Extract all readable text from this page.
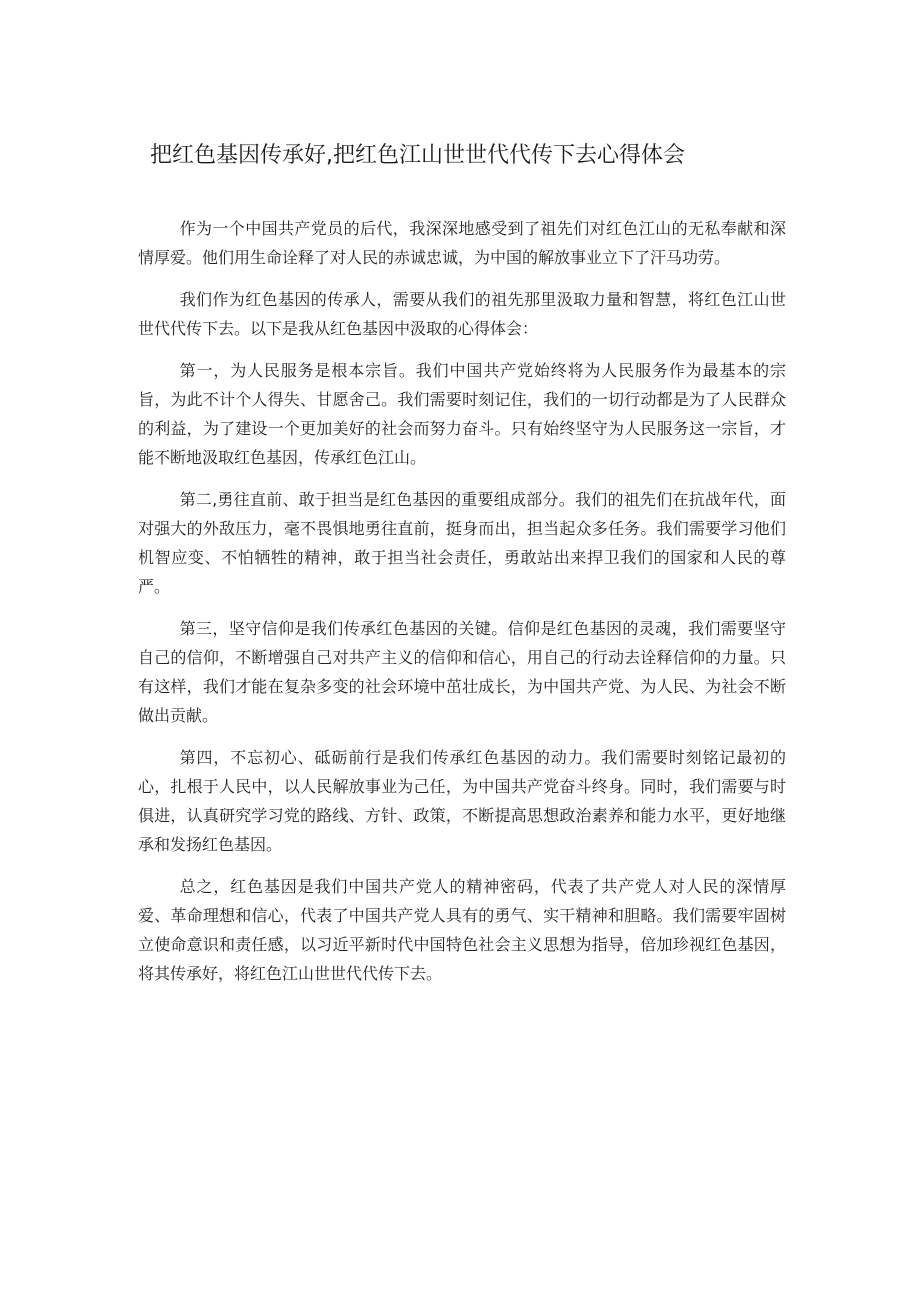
把红色基因传承好,把红色江山世世代代传下去心得体会

作为一个中国共产党员的后代，我深深地感受到了祖先们对红色江山的无私奉献和深情厚爱。他们用生命诠释了对人民的赤诚忠诚，为中国的解放事业立下了汗马功劳。

我们作为红色基因的传承人，需要从我们的祖先那里汲取力量和智慧，将红色江山世世代代传下去。以下是我从红色基因中汲取的心得体会：

第一，为人民服务是根本宗旨。我们中国共产党始终将为人民服务作为最基本的宗旨，为此不计个人得失、甘愿舍己。我们需要时刻记住，我们的一切行动都是为了人民群众的利益，为了建设一个更加美好的社会而努力奋斗。只有始终坚守为人民服务这一宗旨，才能不断地汲取红色基因，传承红色江山。

第二,勇往直前、敢于担当是红色基因的重要组成部分。我们的祖先们在抗战年代，面对强大的外敌压力，毫不畏惧地勇往直前，挺身而出，担当起众多任务。我们需要学习他们机智应变、不怕牺牲的精神，敢于担当社会责任，勇敢站出来捍卫我们的国家和人民的尊严。

第三，坚守信仰是我们传承红色基因的关键。信仰是红色基因的灵魂，我们需要坚守自己的信仰，不断增强自己对共产主义的信仰和信心，用自己的行动去诠释信仰的力量。只有这样，我们才能在复杂多变的社会环境中茁壮成长，为中国共产党、为人民、为社会不断做出贡献。

第四，不忘初心、砥砺前行是我们传承红色基因的动力。我们需要时刻铭记最初的心，扎根于人民中，以人民解放事业为己任，为中国共产党奋斗终身。同时，我们需要与时俱进，认真研究学习党的路线、方针、政策，不断提高思想政治素养和能力水平，更好地继承和发扬红色基因。

总之，红色基因是我们中国共产党人的精神密码，代表了共产党人对人民的深情厚爱、革命理想和信心，代表了中国共产党人具有的勇气、实干精神和胆略。我们需要牢固树立使命意识和责任感，以习近平新时代中国特色社会主义思想为指导，倍加珍视红色基因，将其传承好，将红色江山世世代代传下去。
